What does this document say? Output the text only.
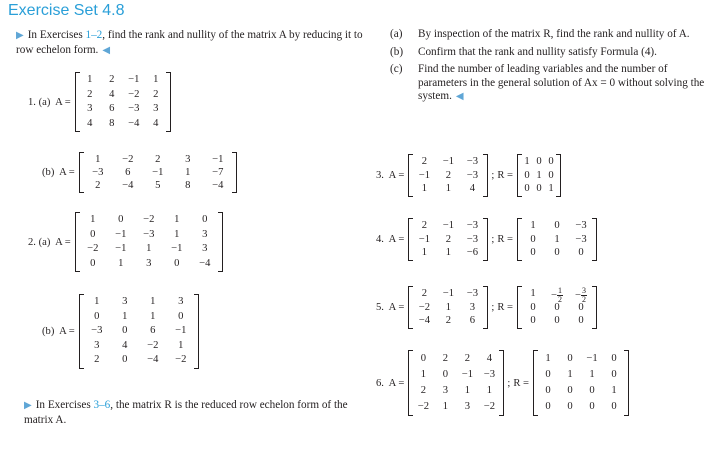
Exercise Set 4.8
▶ In Exercises 1–2, find the rank and nullity of the matrix A by reducing it to row echelon form. ◀
(a)	By inspection of the matrix R, find the rank and nullity of A.
(b)	Confirm that the rank and nullity satisfy Formula (4).
(c)	Find the number of leading variables and the number of parameters in the general solution of Ax = 0 without solving the system. ◀
1. (a)  A =
1	2	−1	1
2	4	−2	2
3	6	−3	3
4	8	−4	4
(b)  A =
1	−2	2	3	−1
−3	6	−1	1	−7
2	−4	5	8	−4
2. (a)  A =
1	0	−2	1	0
0	−1	−3	1	3
−2	−1	1	−1	3
0	1	3	0	−4
(b)  A =
1	3	1	3
0	1	1	0
−3	0	6	−1
3	4	−2	1
2	0	−4	−2
3.  A =
2	−1	−3
−1	2	−3
1	1	4
; R =
1 0 0
0 1 0
0 0 1
4.  A =
2	−1	−3
−1	2	−3
1	1	−6
; R =
1	0	−3
0	1	−3
0	0	0
5.  A =
2	−1	−3
−2	1	3
−4	2	6
; R =
1	− $\frac{1}{2}$	− $\frac{3}{2}$
0	0	0
0	0	0
6.  A =
0	2	2	4
1	0	−1	−3
2	3	1	1
−2	1	3	−2
; R =
1	0	−1	0
0	1	1	0
0	0	0	1
0	0	0	0
▶ In Exercises 3–6, the matrix R is the reduced row echelon form of the matrix A.
